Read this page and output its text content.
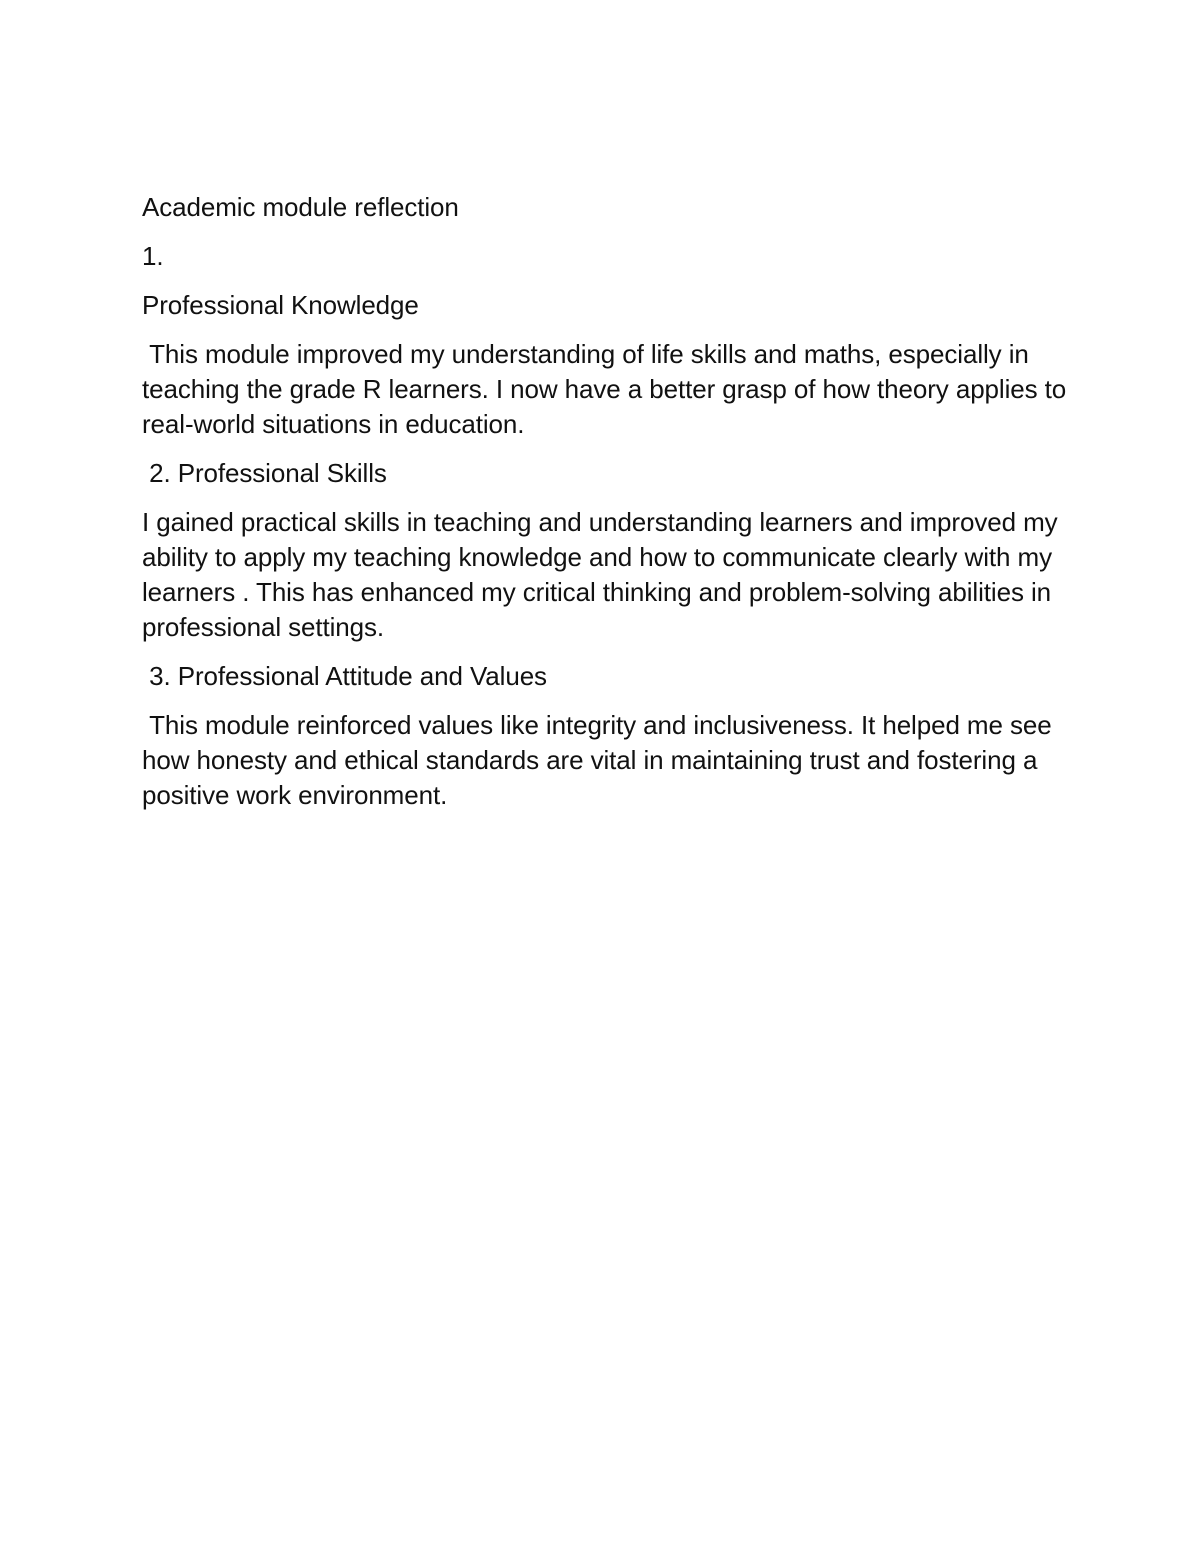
Academic module reflection

1.

Professional Knowledge

This module improved my understanding of life skills and maths, especially in teaching the grade R learners. I now have a better grasp of how theory applies to real-world situations in education.

2. Professional Skills

I gained practical skills in teaching and understanding learners and improved my ability to apply my teaching knowledge and how to communicate clearly with my learners . This has enhanced my critical thinking and problem-solving abilities in professional settings.

3. Professional Attitude and Values

This module reinforced values like integrity and inclusiveness. It helped me see how honesty and ethical standards are vital in maintaining trust and fostering a positive work environment.
